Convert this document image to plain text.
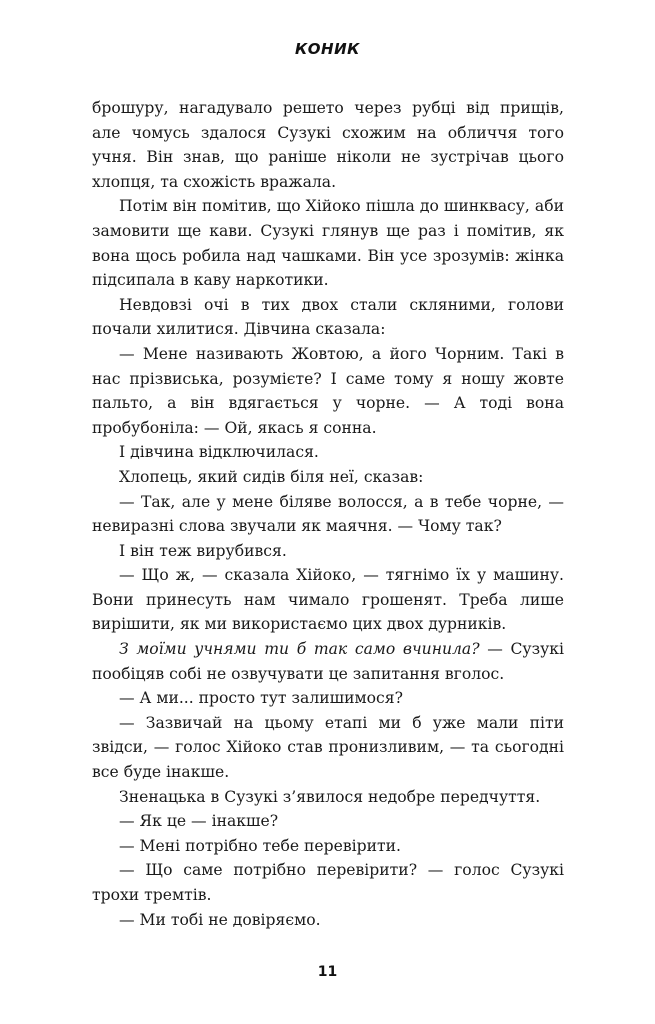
КОНИК

брошуру, нагадувало решето через рубці від прищів, але чомусь здалося Сузукі схожим на обличчя того учня. Він знав, що раніше ніколи не зустрічав цього хлопця, та схожість вражала.

Потім він помітив, що Хійоко пішла до шинквасу, аби замовити ще кави. Сузукі глянув ще раз і помітив, як вона щось робила над чашками. Він усе зрозумів: жінка підсипала в каву наркотики.

Невдовзі очі в тих двох стали скляними, голови почали хилитися. Дівчина сказала:

— Мене називають Жовтою, а його Чорним. Такі в нас прізвиська, розумієте? І саме тому я ношу жовте пальто, а він вдягається у чорне. — А тоді вона пробубоніла: — Ой, якась я сонна.

І дівчина відключилася.

Хлопець, який сидів біля неї, сказав:

— Так, але у мене біляве волосся, а в тебе чорне, — невиразні слова звучали як маячня. — Чому так?

І він теж вирубився.

— Що ж, — сказала Хійоко, — тягнімо їх у машину. Вони принесуть нам чимало грошенят. Треба лише вирішити, як ми використаємо цих двох дурників.

З моїми учнями ти б так само вчинила? — Сузукі пообіцяв собі не озвучувати це запитання вголос.

— А ми... просто тут залишимося?

— Зазвичай на цьому етапі ми б уже мали піти звідси, — голос Хійоко став пронизливим, — та сьогодні все буде інакше.

Зненацька в Сузукі з’явилося недобре передчуття.

— Як це — інакше?

— Мені потрібно тебе перевірити.

— Що саме потрібно перевірити? — голос Сузукі трохи тремтів.

— Ми тобі не довіряємо.

11
